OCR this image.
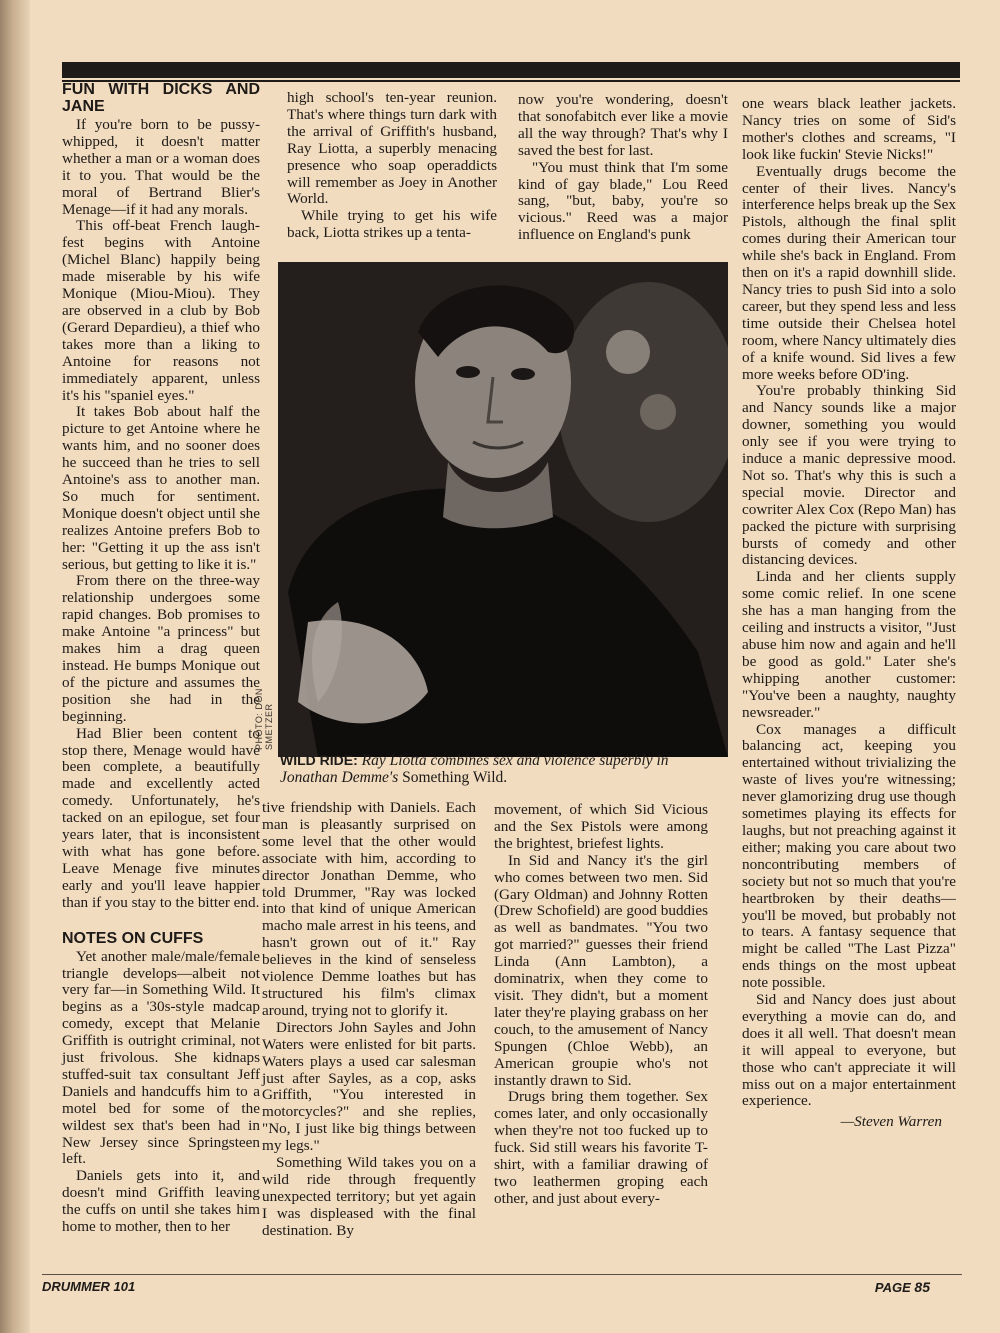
FUN WITH DICKS AND JANE

If you're born to be pussy-whipped, it doesn't matter whether a man or a woman does it to you. That would be the moral of Bertrand Blier's Menage—if it had any morals.

This off-beat French laugh-fest begins with Antoine (Michel Blanc) happily being made miserable by his wife Monique (Miou-Miou). They are observed in a club by Bob (Gerard Depardieu), a thief who takes more than a liking to Antoine for reasons not immediately apparent, unless it's his "spaniel eyes."

It takes Bob about half the picture to get Antoine where he wants him, and no sooner does he succeed than he tries to sell Antoine's ass to another man. So much for sentiment. Monique doesn't object until she realizes Antoine prefers Bob to her: "Getting it up the ass isn't serious, but getting to like it is."

From there on the three-way relationship undergoes some rapid changes. Bob promises to make Antoine "a princess" but makes him a drag queen instead. He bumps Monique out of the picture and assumes the position she had in the beginning.

Had Blier been content to stop there, Menage would have been complete, a beautifully made and excellently acted comedy. Unfortunately, he's tacked on an epilogue, set four years later, that is inconsistent with what has gone before. Leave Menage five minutes early and you'll leave happier than if you stay to the bitter end.

NOTES ON CUFFS

Yet another male/male/female triangle develops—albeit not very far—in Something Wild. It begins as a '30s-style madcap comedy, except that Melanie Griffith is outright criminal, not just frivolous. She kidnaps stuffed-suit tax consultant Jeff Daniels and handcuffs him to a motel bed for some of the wildest sex that's been had in New Jersey since Springsteen left.

Daniels gets into it, and doesn't mind Griffith leaving the cuffs on until she takes him home to mother, then to her

high school's ten-year reunion. That's where things turn dark with the arrival of Griffith's husband, Ray Liotta, a superbly menacing presence who soap operaddicts will remember as Joey in Another World.

While trying to get his wife back, Liotta strikes up a tenta-

now you're wondering, doesn't that sonofabitch ever like a movie all the way through? That's why I saved the best for last.

"You must think that I'm some kind of gay blade," Lou Reed sang, "but, baby, you're so vicious." Reed was a major influence on England's punk

PHOTO: DON SMETZER
WILD RIDE: Ray Liotta combines sex and violence superbly in Jonathan Demme's Something Wild.

tive friendship with Daniels. Each man is pleasantly surprised on some level that the other would associate with him, according to director Jonathan Demme, who told Drummer, "Ray was locked into that kind of unique American macho male arrest in his teens, and hasn't grown out of it." Ray believes in the kind of senseless violence Demme loathes but has structured his film's climax around, trying not to glorify it.

Directors John Sayles and John Waters were enlisted for bit parts. Waters plays a used car salesman just after Sayles, as a cop, asks Griffith, "You interested in motorcycles?" and she replies, "No, I just like big things between my legs."

Something Wild takes you on a wild ride through frequently unexpected territory; but yet again I was displeased with the final destination. By

movement, of which Sid Vicious and the Sex Pistols were among the brightest, briefest lights.

In Sid and Nancy it's the girl who comes between two men. Sid (Gary Oldman) and Johnny Rotten (Drew Schofield) are good buddies as well as bandmates. "You two got married?" guesses their friend Linda (Ann Lambton), a dominatrix, when they come to visit. They didn't, but a moment later they're playing grabass on her couch, to the amusement of Nancy Spungen (Chloe Webb), an American groupie who's not instantly drawn to Sid.

Drugs bring them together. Sex comes later, and only occasionally when they're not too fucked up to fuck. Sid still wears his favorite T-shirt, with a familiar drawing of two leathermen groping each other, and just about every-

one wears black leather jackets. Nancy tries on some of Sid's mother's clothes and screams, "I look like fuckin' Stevie Nicks!"

Eventually drugs become the center of their lives. Nancy's interference helps break up the Sex Pistols, although the final split comes during their American tour while she's back in England. From then on it's a rapid downhill slide. Nancy tries to push Sid into a solo career, but they spend less and less time outside their Chelsea hotel room, where Nancy ultimately dies of a knife wound. Sid lives a few more weeks before OD'ing.

You're probably thinking Sid and Nancy sounds like a major downer, something you would only see if you were trying to induce a manic depressive mood. Not so. That's why this is such a special movie. Director and cowriter Alex Cox (Repo Man) has packed the picture with surprising bursts of comedy and other distancing devices.

Linda and her clients supply some comic relief. In one scene she has a man hanging from the ceiling and instructs a visitor, "Just abuse him now and again and he'll be good as gold." Later she's whipping another customer: "You've been a naughty, naughty newsreader."

Cox manages a difficult balancing act, keeping you entertained without trivializing the waste of lives you're witnessing; never glamorizing drug use though sometimes playing its effects for laughs, but not preaching against it either; making you care about two noncontributing members of society but not so much that you're heartbroken by their deaths—you'll be moved, but probably not to tears. A fantasy sequence that might be called "The Last Pizza" ends things on the most upbeat note possible.

Sid and Nancy does just about everything a movie can do, and does it all well. That doesn't mean it will appeal to everyone, but those who can't appreciate it will miss out on a major entertainment experience.

—Steven Warren
DRUMMER 101	PAGE 85
